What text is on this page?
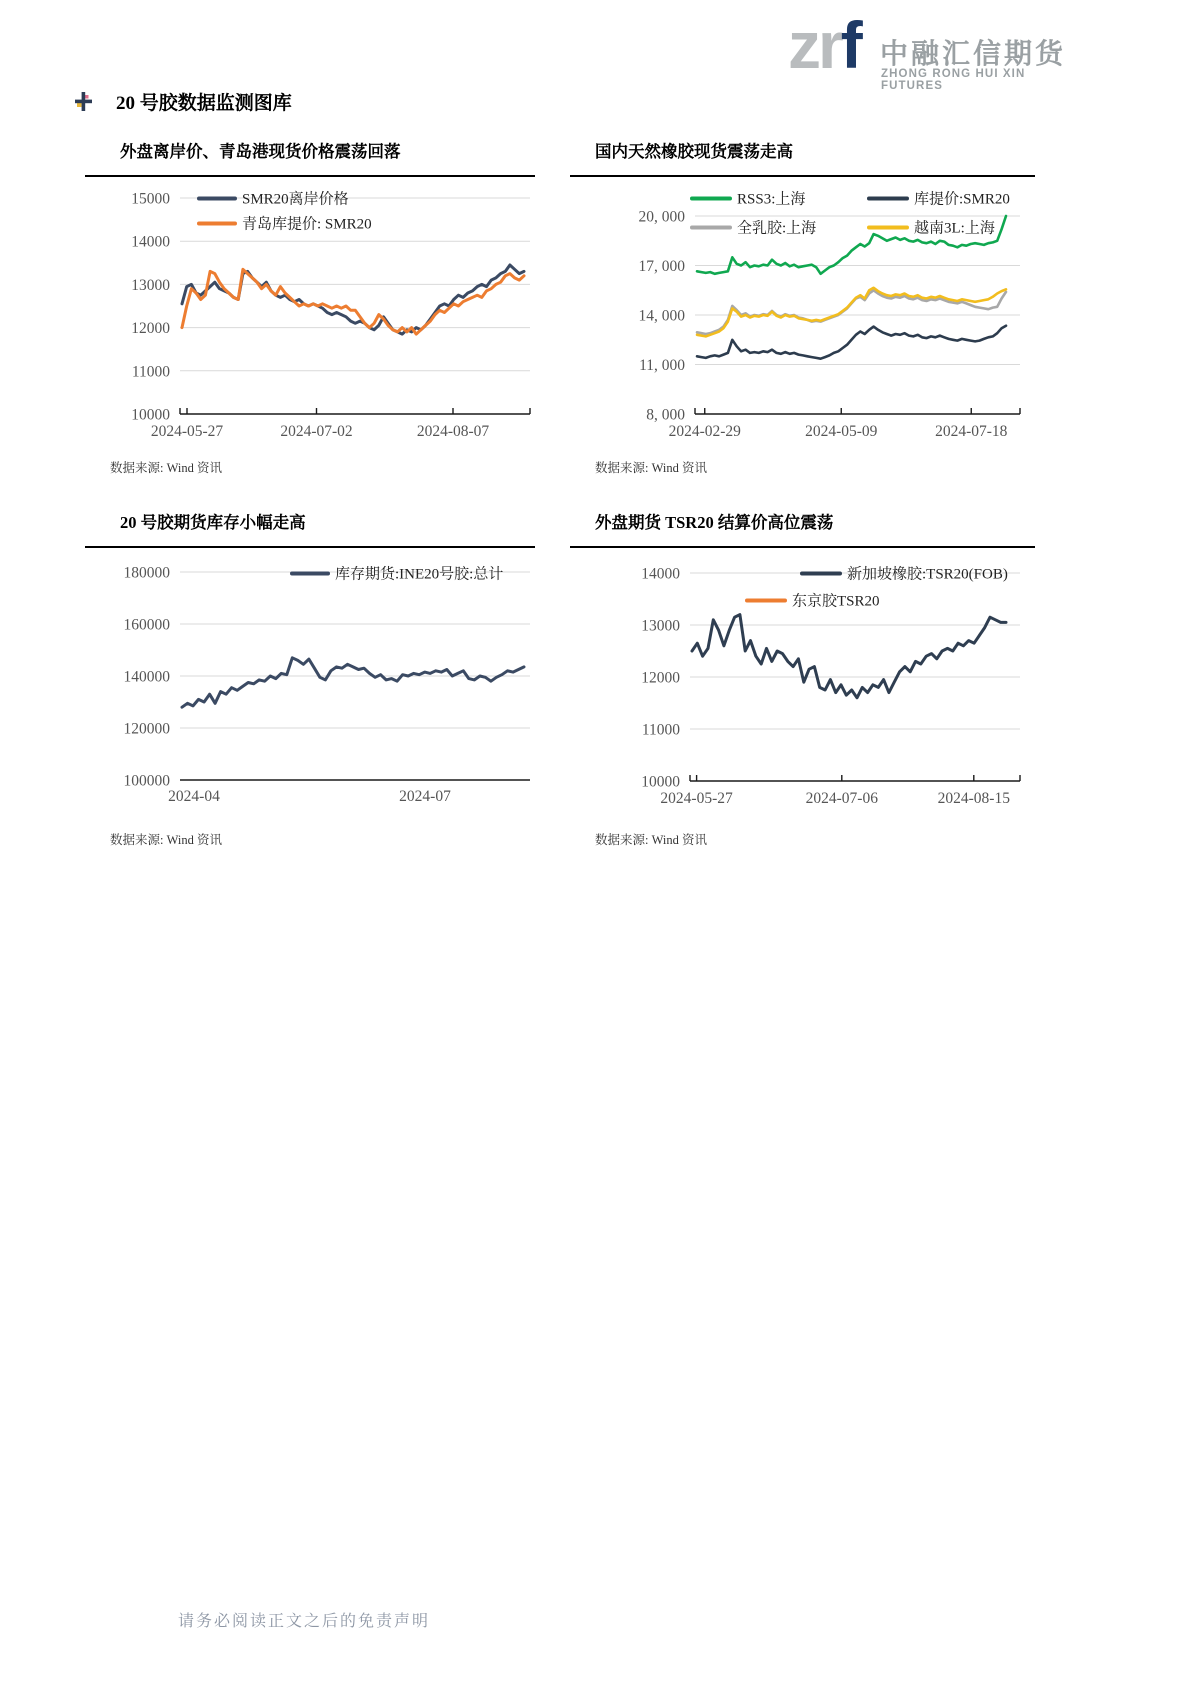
zrf 中融汇信期货
ZHONG RONG HUI XIN FUTURES
20 号胶数据监测图库
外盘离岸价、青岛港现货价格震荡回落
15000
14000
13000
12000
11000
10000
2024-05-27	2024-07-02	2024-08-07
SMR20离岸价格
青岛库提价: SMR20
数据来源: Wind 资讯
国内天然橡胶现货震荡走高
20, 000
17, 000
14, 000
11, 000
8, 000
2024-02-29	2024-05-09	2024-07-18
RSS3:上海	库提价:SMR20
全乳胶:上海	越南3L:上海
数据来源: Wind 资讯
20 号胶期货库存小幅走高
180000
160000
140000
120000
100000
2024-04	2024-07
库存期货:INE20号胶:总计
数据来源: Wind 资讯
外盘期货 TSR20 结算价高位震荡
14000
13000
12000
11000
10000
2024-05-27	2024-07-06	2024-08-15
新加坡橡胶:TSR20(FOB)
东京胶TSR20
数据来源: Wind 资讯
请务必阅读正文之后的免责声明
